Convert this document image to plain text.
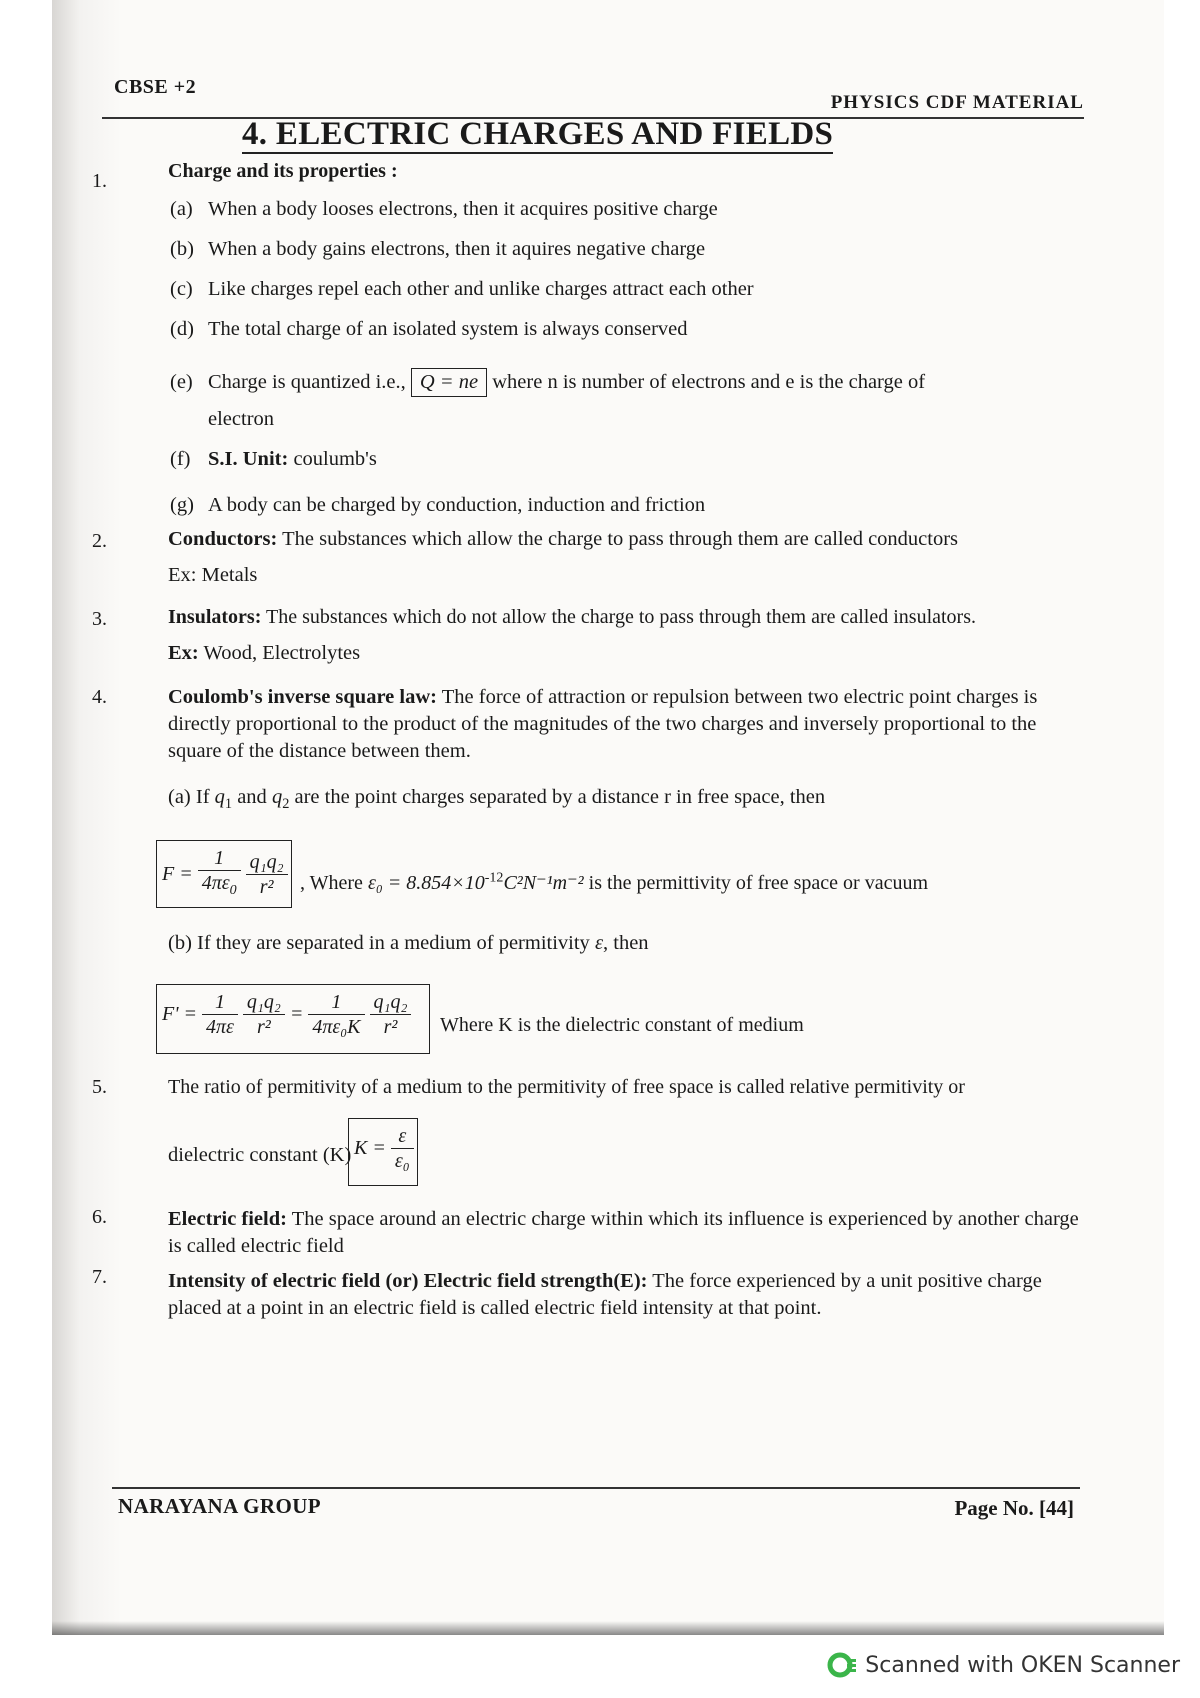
CBSE +2
PHYSICS CDF MATERIAL
4. ELECTRIC CHARGES AND FIELDS
1.	Charge and its properties :
(a) When a body looses electrons, then it acquires positive charge
(b) When a body gains electrons, then it aquires negative charge
(c) Like charges repel each other and unlike charges attract each other
(d) The total charge of an isolated system is always conserved
(e) Charge is quantized i.e., Q = ne where n is number of electrons and e is the charge of
electron
(f) S.I. Unit: coulumb's
(g) A body can be charged by conduction, induction and friction
2.	Conductors: The substances which allow the charge to pass through them are called conductors
Ex: Metals
3.	Insulators: The substances which do not allow the charge to pass through them are called insulators.
Ex: Wood, Electrolytes
4.	Coulomb's inverse square law: The force of attraction or repulsion between two electric point charges is directly proportional to the product of the magnitudes of the two charges and inversely proportional to the square of the distance between them.
(a) If $q_1$ and $q_2$ are the point charges separated by a distance r in free space, then
$F = \frac{1}{4\pi\varepsilon_0}$
$\frac{\text{q₁q₂}}{\text{r²}}$ , Where $\varepsilon_0 = 8.854\times 10^{-12}C^2N^{-1}m^{-2}$ is the permittivity of free space or vacuum
(b) If they are separated in a medium of permitivity ε, then
$F' = \frac{1}{4\pi\varepsilon}$
$\frac{\text{q₁q₂}}{\text{r²}} = \frac{1}{\text{4πε₀K}}$
$\frac{\text{q₁q₂}}{\text{r²}}$ Where K is the dielectric constant of medium
5.	The ratio of permitivity of a medium to the permitivity of free space is called relative permitivity or
dielectric constant (K) $K = \frac{\varepsilon}{\text{ε₀}}$
6.	Electric field: The space around an electric charge within which its influence is experienced by another charge is called electric field
7.	Intensity of electric field (or) Electric field strength(E): The force experienced by a unit positive charge placed at a point in an electric field is called electric field intensity at that point.
NARAYANA GROUP	Page No. [44]
Scanned with OKEN Scanner
